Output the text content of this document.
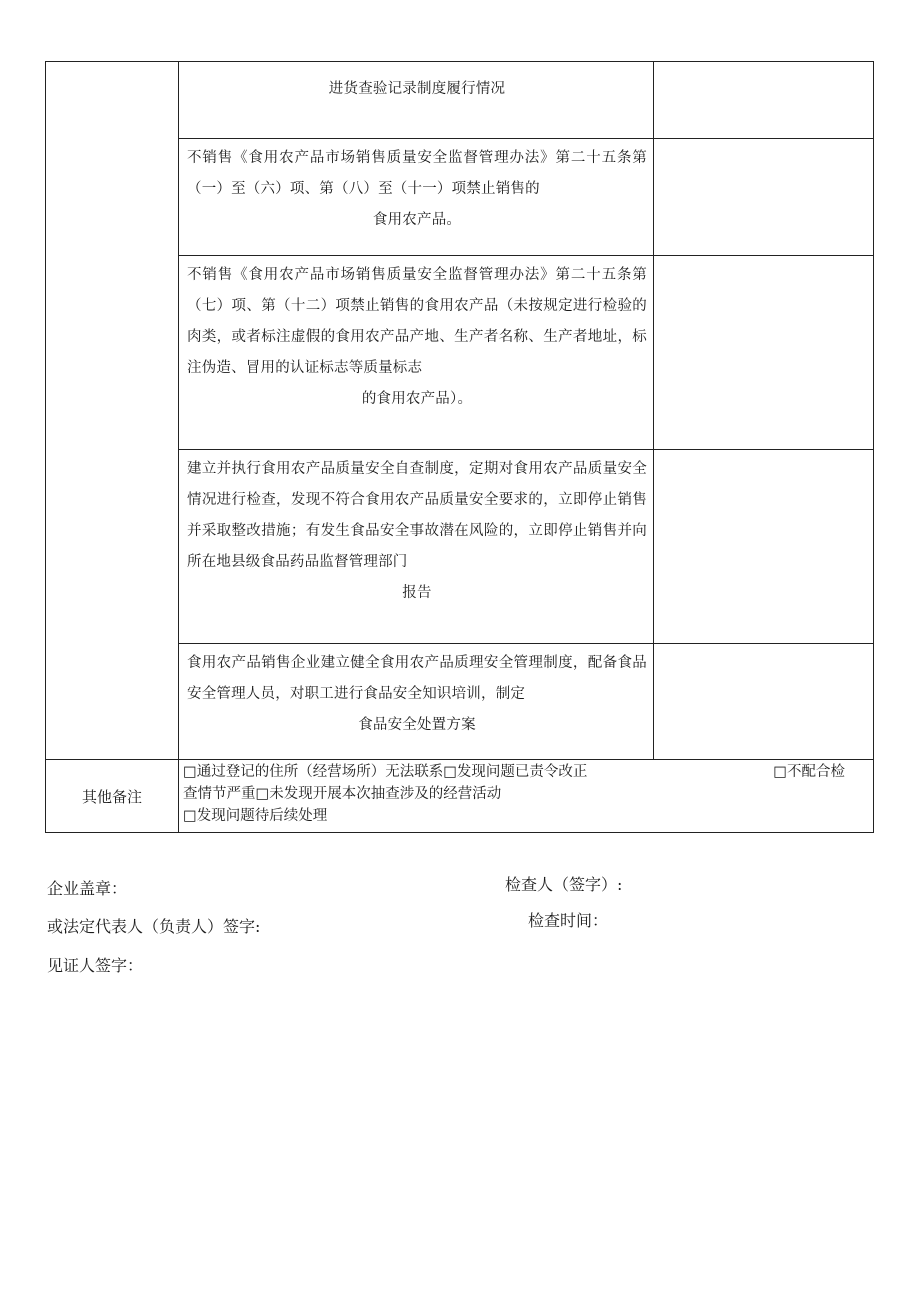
	进货查验记录制度履行情况	

	不销售《食用农产品市场销售质量安全监督管理办法》第二十五条第（一）至（六）项、第（八）至（十一）项禁止销售的
食用农产品。	

	不销售《食用农产品市场销售质量安全监督管理办法》第二十五条第（七）项、第（十二）项禁止销售的食用农产品（未按规定进行检验的肉类，或者标注虚假的食用农产品产地、生产者名称、生产者地址，标注伪造、冒用的认证标志等质量标志
的食用农产品）。	

	建立并执行食用农产品质量安全自查制度，定期对食用农产品质量安全情况进行检查，发现不符合食用农产品质量安全要求的，立即停止销售并采取整改措施；有发生食品安全事故潜在风险的，立即停止销售并向所在地县级食品药品监督管理部门
报告	

	食用农产品销售企业建立健全食用农产品质理安全管理制度，配备食品安全管理人员，对职工进行食品安全知识培训，制定
食品安全处置方案	

其他备注	□通过登记的住所（经营场所）无法联系□发现问题已责令改正 □不配合检
查情节严重□未发现开展本次抽查涉及的经营活动
□发现问题待后续处理	
企业盖章：
或法定代表人（负责人）签字:
见证人签字：
检查人（签字）:
检查时间：
